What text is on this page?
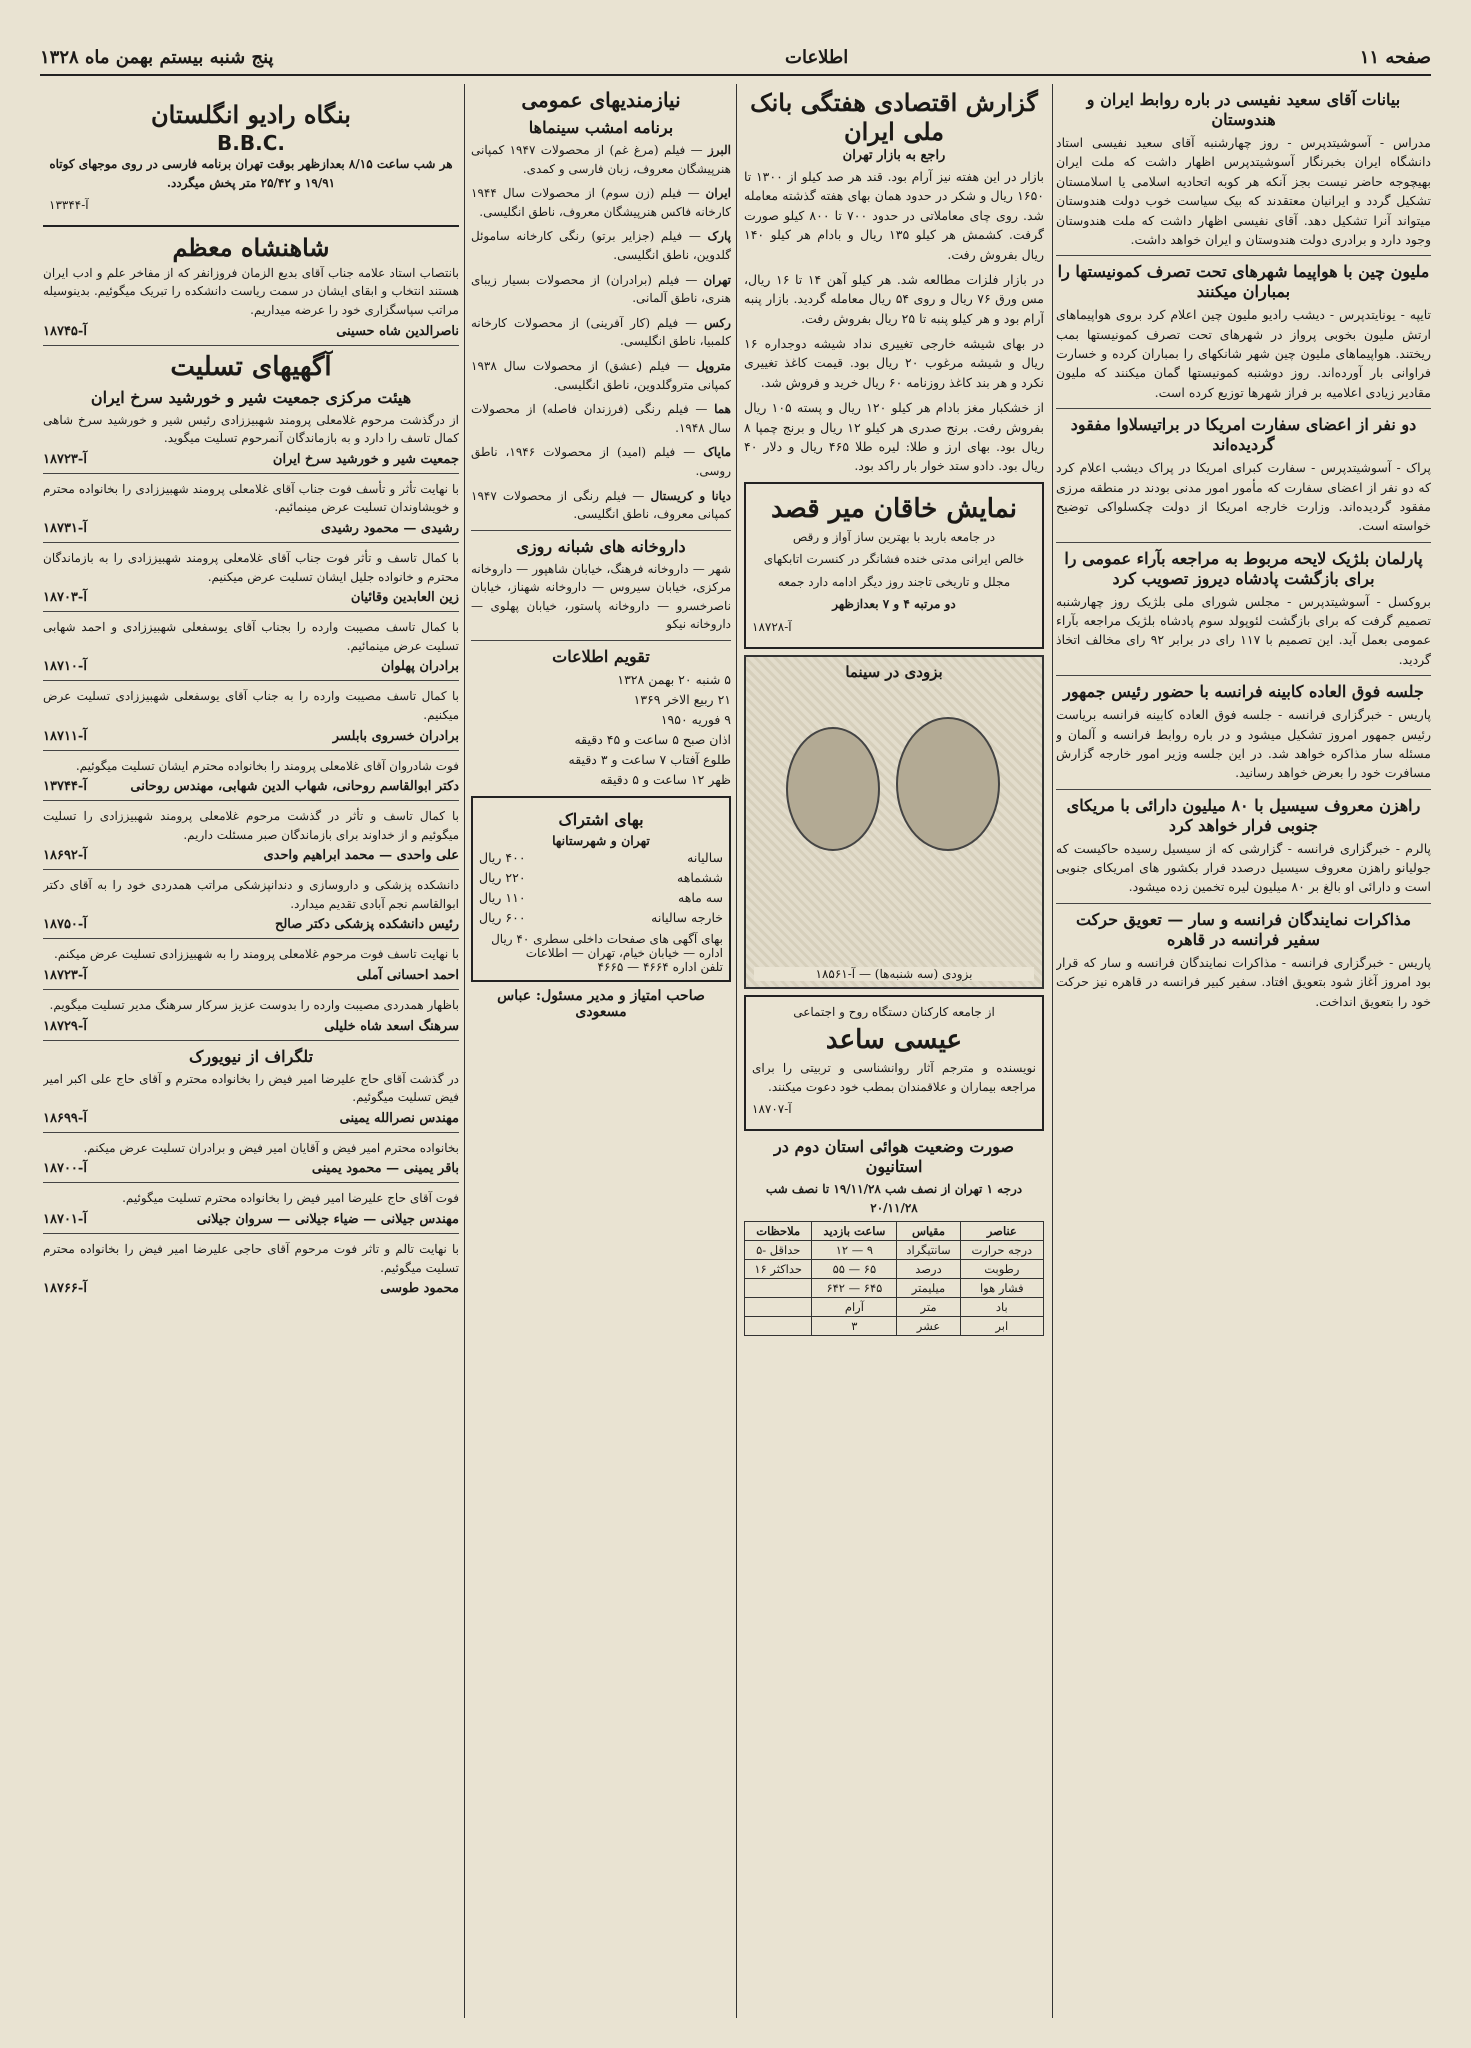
صفحه ۱۱
اطلاعات
پنج شنبه بیستم بهمن ماه ۱۳۲۸
بیانات آقای سعید نفیسی در باره روابط ایران و هندوستان

مدراس - آسوشیتدپرس - روز چهارشنبه آقای سعید نفیسی استاد دانشگاه ایران بخبرنگار آسوشیتدپرس اظهار داشت که ملت ایران بهیچوجه حاضر نیست بجز آنکه هر کوبه اتحادیه اسلامی یا اسلامستان تشکیل گردد و ایرانیان معتقدند که بیک سیاست خوب دولت هندوستان میتواند آنرا تشکیل دهد. آقای نفیسی اظهار داشت که ملت هندوستان وجود دارد و برادری دولت هندوستان و ایران خواهد داشت.

ملیون چین با هواپیما شهرهای تحت تصرف کمونیستها را بمباران میکنند

تایپه - یونایتدپرس - دیشب رادیو ملیون چین اعلام کرد بروی هواپیماهای ارتش ملیون بخوبی پرواز در شهرهای تحت تصرف کمونیستها بمب ریختند. هواپیماهای ملیون چین شهر شانکهای را بمباران کرده و خسارت فراوانی بار آورده‌اند. روز دوشنبه کمونیستها گمان میکنند که ملیون مقادیر زیادی اعلامیه بر فراز شهرها توزیع کرده است.

دو نفر از اعضای سفارت امریکا در براتیسلاوا مفقود گردیده‌اند

پراک - آسوشیتدپرس - سفارت کبرای امریکا در پراک دیشب اعلام کرد که دو نفر از اعضای سفارت که مأمور امور مدنی بودند در منطقه مرزی مفقود گردیده‌اند. وزارت خارجه امریکا از دولت چکسلواکی توضیح خواسته است.

پارلمان بلژیک لایحه مربوط به مراجعه بآراء عمومی را برای بازگشت پادشاه دیروز تصویب کرد

بروکسل - آسوشیتدپرس - مجلس شورای ملی بلژیک روز چهارشنبه تصمیم گرفت که برای بازگشت لئوپولد سوم پادشاه بلژیک مراجعه بآراء عمومی بعمل آید. این تصمیم با ۱۱۷ رای در برابر ۹۲ رای مخالف اتخاذ گردید.

جلسه فوق العاده کابینه فرانسه با حضور رئیس جمهور

پاریس - خبرگزاری فرانسه - جلسه فوق العاده کابینه فرانسه بریاست رئیس جمهور امروز تشکیل میشود و در باره روابط فرانسه و آلمان و مسئله سار مذاکره خواهد شد. در این جلسه وزیر امور خارجه گزارش مسافرت خود را بعرض خواهد رسانید.

راهزن معروف سیسیل با ۸۰ میلیون دارائی با مریکای جنوبی فرار خواهد کرد

پالرم - خبرگزاری فرانسه - گزارشی که از سیسیل رسیده حاکیست که جولیانو راهزن معروف سیسیل درصدد فرار بکشور های امریکای جنوبی است و دارائی او بالغ بر ۸۰ میلیون لیره تخمین زده میشود.

مذاکرات نمایندگان فرانسه و سار — تعویق حرکت سفیر فرانسه در قاهره

پاریس - خبرگزاری فرانسه - مذاکرات نمایندگان فرانسه و سار که قرار بود امروز آغاز شود بتعویق افتاد. سفیر کبیر فرانسه در قاهره نیز حرکت خود را بتعویق انداخت.

گزارش اقتصادی هفتگی بانک ملی ایران
راجع به بازار تهران

بازار در این هفته نیز آرام بود. قند هر صد کیلو از ۱۳۰۰ تا ۱۶۵۰ ریال و شکر در حدود همان بهای هفته گذشته معامله شد. روی چای معاملاتی در حدود ۷۰۰ تا ۸۰۰ کیلو صورت گرفت. کشمش هر کیلو ۱۳۵ ریال و بادام هر کیلو ۱۴۰ ریال بفروش رفت.

در بازار فلزات مطالعه شد. هر کیلو آهن ۱۴ تا ۱۶ ریال، مس ورق ۷۶ ریال و روی ۵۴ ریال معامله گردید. بازار پنبه آرام بود و هر کیلو پنبه تا ۲۵ ریال بفروش رفت.

در بهای شیشه خارجی تغییری نداد شیشه دوجداره ۱۶ ریال و شیشه مرغوب ۲۰ ریال بود. قیمت کاغذ تغییری نکرد و هر بند کاغذ روزنامه ۶۰ ریال خرید و فروش شد.

از خشکبار مغز بادام هر کیلو ۱۲۰ ریال و پسته ۱۰۵ ریال بفروش رفت. برنج صدری هر کیلو ۱۲ ریال و برنج چمپا ۸ ریال بود. بهای ارز و طلا: لیره طلا ۴۶۵ ریال و دلار ۴۰ ریال بود. دادو ستد خوار بار راکد بود.

نمایش خاقان میر قصد
در جامعه باربد با بهترین ساز آواز و رقص
خالص ایرانی مدتی خنده فشانگر در کنسرت اتابکهای
مجلل و تاریخی تاجند روز دیگر ادامه دارد جمعه
دو مرتبه ۴ و ۷ بعدازظهر
آ-۱۸۷۲۸
بزودی در سینما
بزودی (سه شنبه‌ها) — آ-۱۸۵۶۱
از جامعه کارکنان دستگاه روح و اجتماعی
عیسی ساعد
نویسنده و مترجم آثار روانشناسی و تربیتی را برای مراجعه بیماران و علاقمندان بمطب خود دعوت میکنند.
آ-۱۸۷۰۷
صورت وضعیت هوائی استان دوم در استانیون
درجه ۱ تهران از نصف شب ۱۹/۱۱/۲۸ تا نصف شب ۲۰/۱۱/۲۸
عناصر	مقیاس	ساعت بازدید	ملاحظات
درجه حرارت	سانتیگراد	۹ — ۱۲	حداقل -۵
رطوبت	درصد	۶۵ — ۵۵	حداکثر ۱۶
فشار هوا	میلیمتر	۶۴۵ — ۶۴۲	
باد	متر	آرام	
ابر	عشر	۳	
نیازمندیهای عمومی
برنامه امشب سینماها

البرز — فیلم (مرغ غم) از محصولات ۱۹۴۷ کمپانی هنرپیشگان معروف، زبان فارسی و کمدی.

ایران — فیلم (زن سوم) از محصولات سال ۱۹۴۴ کارخانه فاکس هنرپیشگان معروف، ناطق انگلیسی.

پارک — فیلم (جزایر برتو) رنگی کارخانه ساموئل گلدوین، ناطق انگلیسی.

تهران — فیلم (برادران) از محصولات بسیار زیبای هنری، ناطق آلمانی.

رکس — فیلم (کار آفرینی) از محصولات کارخانه کلمبیا، ناطق انگلیسی.

متروپل — فیلم (عشق) از محصولات سال ۱۹۳۸ کمپانی متروگلدوین، ناطق انگلیسی.

هما — فیلم رنگی (فرزندان فاصله) از محصولات سال ۱۹۴۸.

مایاک — فیلم (امید) از محصولات ۱۹۴۶، ناطق روسی.

دیانا و کریستال — فیلم رنگی از محصولات ۱۹۴۷ کمپانی معروف، ناطق انگلیسی.

داروخانه های شبانه روزی

شهر — داروخانه فرهنگ، خیابان شاهپور — داروخانه مرکزی، خیابان سیروس — داروخانه شهناز، خیابان ناصرخسرو — داروخانه پاستور، خیابان پهلوی — داروخانه نیکو

تقویم اطلاعات
۵ شنبه ۲۰ بهمن ۱۳۲۸
۲۱ ربیع الاخر ۱۳۶۹
۹ فوریه ۱۹۵۰
اذان صبح ۵ ساعت و ۴۵ دقیقه
طلوع آفتاب ۷ ساعت و ۳ دقیقه
ظهر ۱۲ ساعت و ۵ دقیقه
بهای اشتراک
تهران و شهرستانها
سالیانه
۴۰۰ ریال
ششماهه
۲۲۰ ریال
سه ماهه
۱۱۰ ریال
خارجه سالیانه
۶۰۰ ریال
بهای آگهی های صفحات داخلی سطری ۴۰ ریال
اداره — خیابان خیام، تهران — اطلاعات
تلفن اداره ۴۶۶۴ — ۴۶۶۵
صاحب امتیاز و مدیر مسئول: عباس مسعودی
بنگاه رادیو انگلستان
B.B.C.
هر شب ساعت ۸/۱۵ بعدازظهر بوقت تهران برنامه فارسی در روی موجهای کوتاه ۱۹/۹۱ و ۲۵/۴۲ متر پخش میگردد.
آ-۱۳۳۴۴
شاهنشاه معظم
بانتصاب استاد علامه جناب آقای بدیع الزمان فروزانفر که از مفاخر علم و ادب ایران هستند انتخاب و ابقای ایشان در سمت ریاست دانشکده را تبریک میگوئیم. بدینوسیله مراتب سپاسگزاری خود را عرضه میداریم.
ناصرالدین شاه حسینی
آ-۱۸۷۴۵
آگهیهای تسلیت
هیئت مرکزی جمعیت شیر و خورشید سرخ ایران
از درگذشت مرحوم غلامعلی پرومند شهبیززادی رئیس شیر و خورشید سرخ شاهی کمال تاسف را دارد و به بازماندگان آنمرحوم تسلیت میگوید.
جمعیت شیر و خورشید سرخ ایران
آ-۱۸۷۲۳
با نهایت تأثر و تأسف فوت جناب آقای غلامعلی پرومند شهبیززادی را بخانواده محترم و خویشاوندان تسلیت عرض مینمائیم.
رشیدی — محمود رشیدی
آ-۱۸۷۳۱
با کمال تاسف و تأثر فوت جناب آقای غلامعلی پرومند شهبیززادی را به بازماندگان محترم و خانواده جلیل ایشان تسلیت عرض میکنیم.
زین العابدین وقائیان
آ-۱۸۷۰۳
با کمال تاسف مصیبت وارده را بجناب آقای یوسفعلی شهبیززادی و احمد شهابی تسلیت عرض مینمائیم.
برادران پهلوان
آ-۱۸۷۱۰
با کمال تاسف مصیبت وارده را به جناب آقای یوسفعلی شهبیززادی تسلیت عرض میکنیم.
برادران خسروی بابلسر
آ-۱۸۷۱۱
فوت شادروان آقای غلامعلی پرومند را بخانواده محترم ایشان تسلیت میگوئیم.
دکتر ابوالقاسم روحانی، شهاب الدین شهابی، مهندس روحانی
آ-۱۳۷۴۴
با کمال تاسف و تأثر در گذشت مرحوم غلامعلی پرومند شهبیززادی را تسلیت میگوئیم و از خداوند برای بازماندگان صبر مسئلت داریم.
علی واحدی — محمد ابراهیم واحدی
آ-۱۸۶۹۲
دانشکده پزشکی و داروسازی و دندانپزشکی مراتب همدردی خود را به آقای دکتر ابوالقاسم نجم آبادی تقدیم میدارد.
رئیس دانشکده پزشکی دکتر صالح
آ-۱۸۷۵۰
با نهایت تاسف فوت مرحوم غلامعلی پرومند را به شهبیززادی تسلیت عرض میکنم.
احمد احسانی آملی
آ-۱۸۷۲۳
باظهار همدردی مصیبت وارده را بدوست عزیز سرکار سرهنگ مدیر تسلیت میگویم.
سرهنگ اسعد شاه خلیلی
آ-۱۸۷۲۹
تلگراف از نیویورک
در گذشت آقای حاج علیرضا امیر فیض را بخانواده محترم و آقای حاج علی اکبر امیر فیض تسلیت میگوئیم.
مهندس نصرالله یمینی
آ-۱۸۶۹۹
بخانواده محترم امیر فیض و آقایان امیر فیض و برادران تسلیت عرض میکنم.
باقر یمینی — محمود یمینی
آ-۱۸۷۰۰
فوت آقای حاج علیرضا امیر فیض را بخانواده محترم تسلیت میگوئیم.
مهندس جیلانی — ضیاء جیلانی — سروان جیلانی
آ-۱۸۷۰۱
با نهایت تالم و تاثر فوت مرحوم آقای حاجی علیرضا امیر فیض را بخانواده محترم تسلیت میگوئیم.
محمود طوسی
آ-۱۸۷۶۶
